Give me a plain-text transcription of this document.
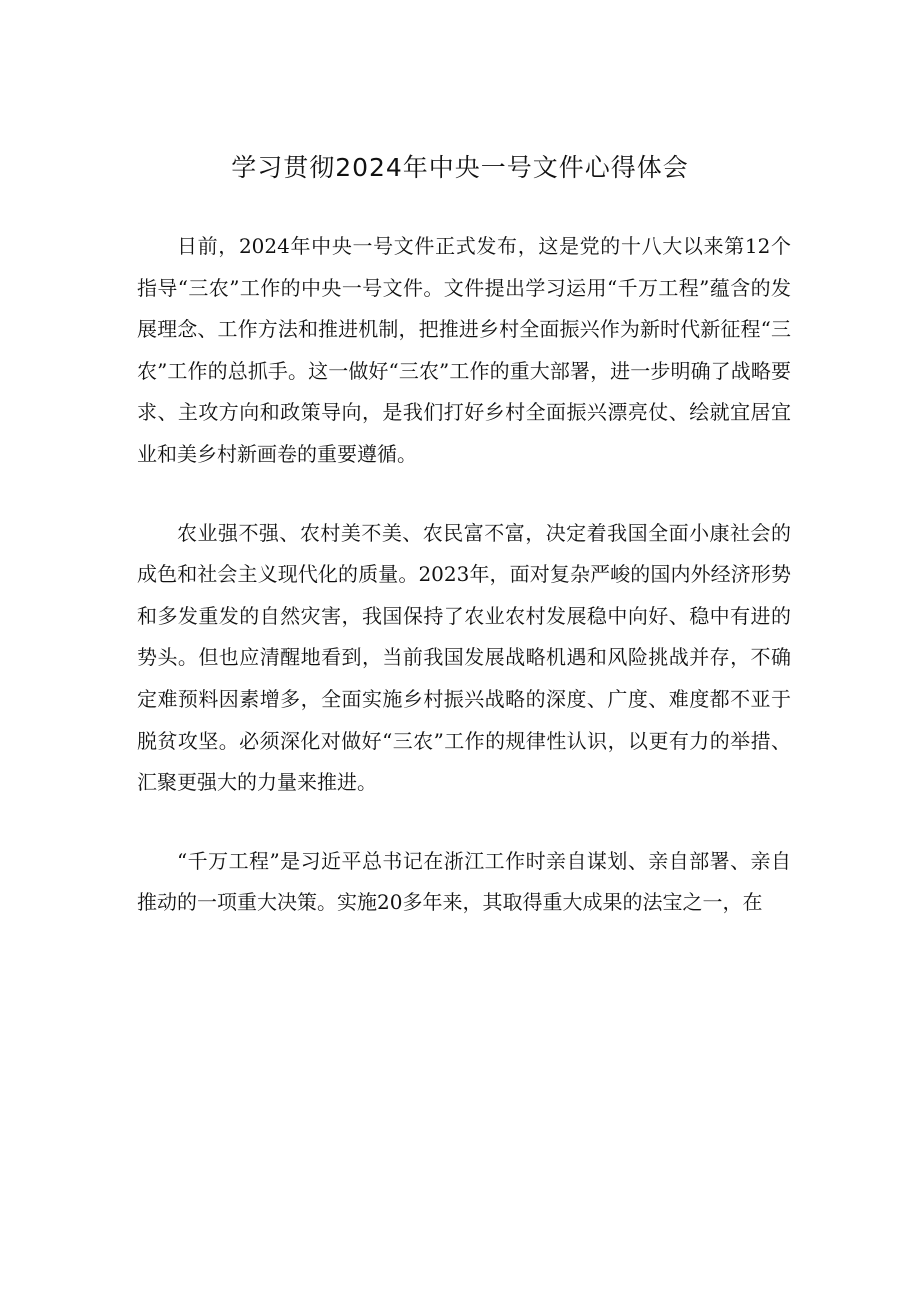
学习贯彻2024年中央一号文件心得体会

日前，2024年中央一号文件正式发布，这是党的十八大以来第12个指导“三农”工作的中央一号文件。文件提出学习运用“千万工程”蕴含的发展理念、工作方法和推进机制，把推进乡村全面振兴作为新时代新征程“三农”工作的总抓手。这一做好“三农”工作的重大部署，进一步明确了战略要求、主攻方向和政策导向，是我们打好乡村全面振兴漂亮仗、绘就宜居宜业和美乡村新画卷的重要遵循。

农业强不强、农村美不美、农民富不富，决定着我国全面小康社会的成色和社会主义现代化的质量。2023年，面对复杂严峻的国内外经济形势和多发重发的自然灾害，我国保持了农业农村发展稳中向好、稳中有进的势头。但也应清醒地看到，当前我国发展战略机遇和风险挑战并存，不确定难预料因素增多，全面实施乡村振兴战略的深度、广度、难度都不亚于脱贫攻坚。必须深化对做好“三农”工作的规律性认识，以更有力的举措、汇聚更强大的力量来推进。

“千万工程”是习近平总书记在浙江工作时亲自谋划、亲自部署、亲自推动的一项重大决策。实施20多年来，其取得重大成果的法宝之一，在
